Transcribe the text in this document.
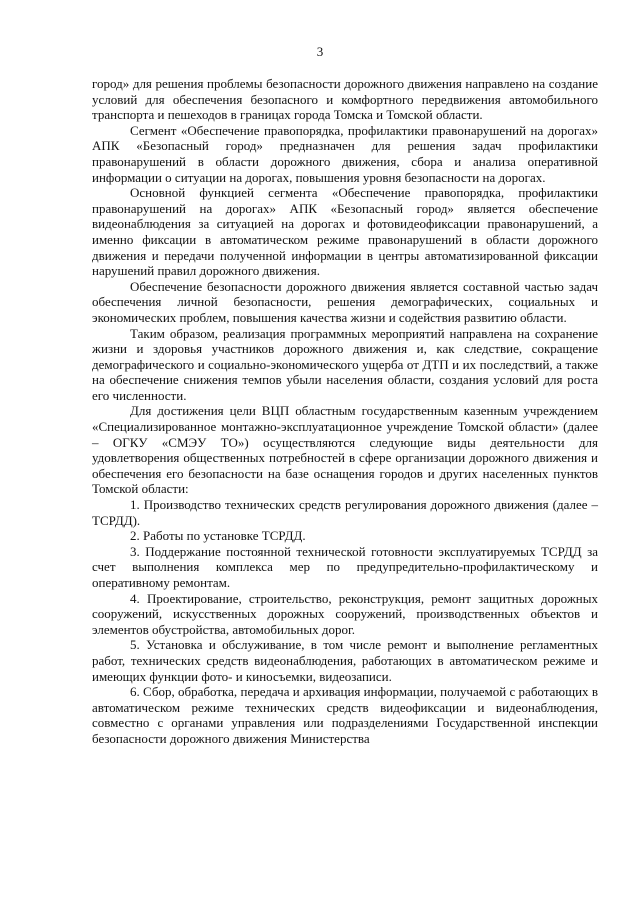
3

город» для решения проблемы безопасности дорожного движения направлено на создание условий для обеспечения безопасного и комфортного передвижения автомобильного транспорта и пешеходов в границах города Томска и Томской области.

Сегмент «Обеспечение правопорядка, профилактики правонарушений на дорогах» АПК «Безопасный город» предназначен для решения задач профилактики правонарушений в области дорожного движения, сбора и анализа оперативной информации о ситуации на дорогах, повышения уровня безопасности на дорогах.

Основной функцией сегмента «Обеспечение правопорядка, профилактики правонарушений на дорогах» АПК «Безопасный город» является обеспечение видеонаблюдения за ситуацией на дорогах и фотовидеофиксации правонарушений, а именно фиксации в автоматическом режиме правонарушений в области дорожного движения и передачи полученной информации в центры автоматизированной фиксации нарушений правил дорожного движения.

Обеспечение безопасности дорожного движения является составной частью задач обеспечения личной безопасности, решения демографических, социальных и экономических проблем, повышения качества жизни и содействия развитию области.

Таким образом, реализация программных мероприятий направлена на сохранение жизни и здоровья участников дорожного движения и, как следствие, сокращение демографического и социально-экономического ущерба от ДТП и их последствий, а также на обеспечение снижения темпов убыли населения области, создания условий для роста его численности.

Для достижения цели ВЦП областным государственным казенным учреждением «Специализированное монтажно-эксплуатационное учреждение Томской области» (далее – ОГКУ «СМЭУ ТО») осуществляются следующие виды деятельности для удовлетворения общественных потребностей в сфере организации дорожного движения и обеспечения его безопасности на базе оснащения городов и других населенных пунктов Томской области:

1. Производство технических средств регулирования дорожного движения (далее – ТСРДД).

2. Работы по установке ТСРДД.

3. Поддержание постоянной технической готовности эксплуатируемых ТСРДД за счет выполнения комплекса мер по предупредительно-профилактическому и оперативному ремонтам.

4. Проектирование, строительство, реконструкция, ремонт защитных дорожных сооружений, искусственных дорожных сооружений, производственных объектов и элементов обустройства, автомобильных дорог.

5. Установка и обслуживание, в том числе ремонт и выполнение регламентных работ, технических средств видеонаблюдения, работающих в автоматическом режиме и имеющих функции фото- и киносъемки, видеозаписи.

6. Сбор, обработка, передача и архивация информации, получаемой с работающих в автоматическом режиме технических средств видеофиксации и видеонаблюдения, совместно с органами управления или подразделениями Государственной инспекции безопасности дорожного движения Министерства
